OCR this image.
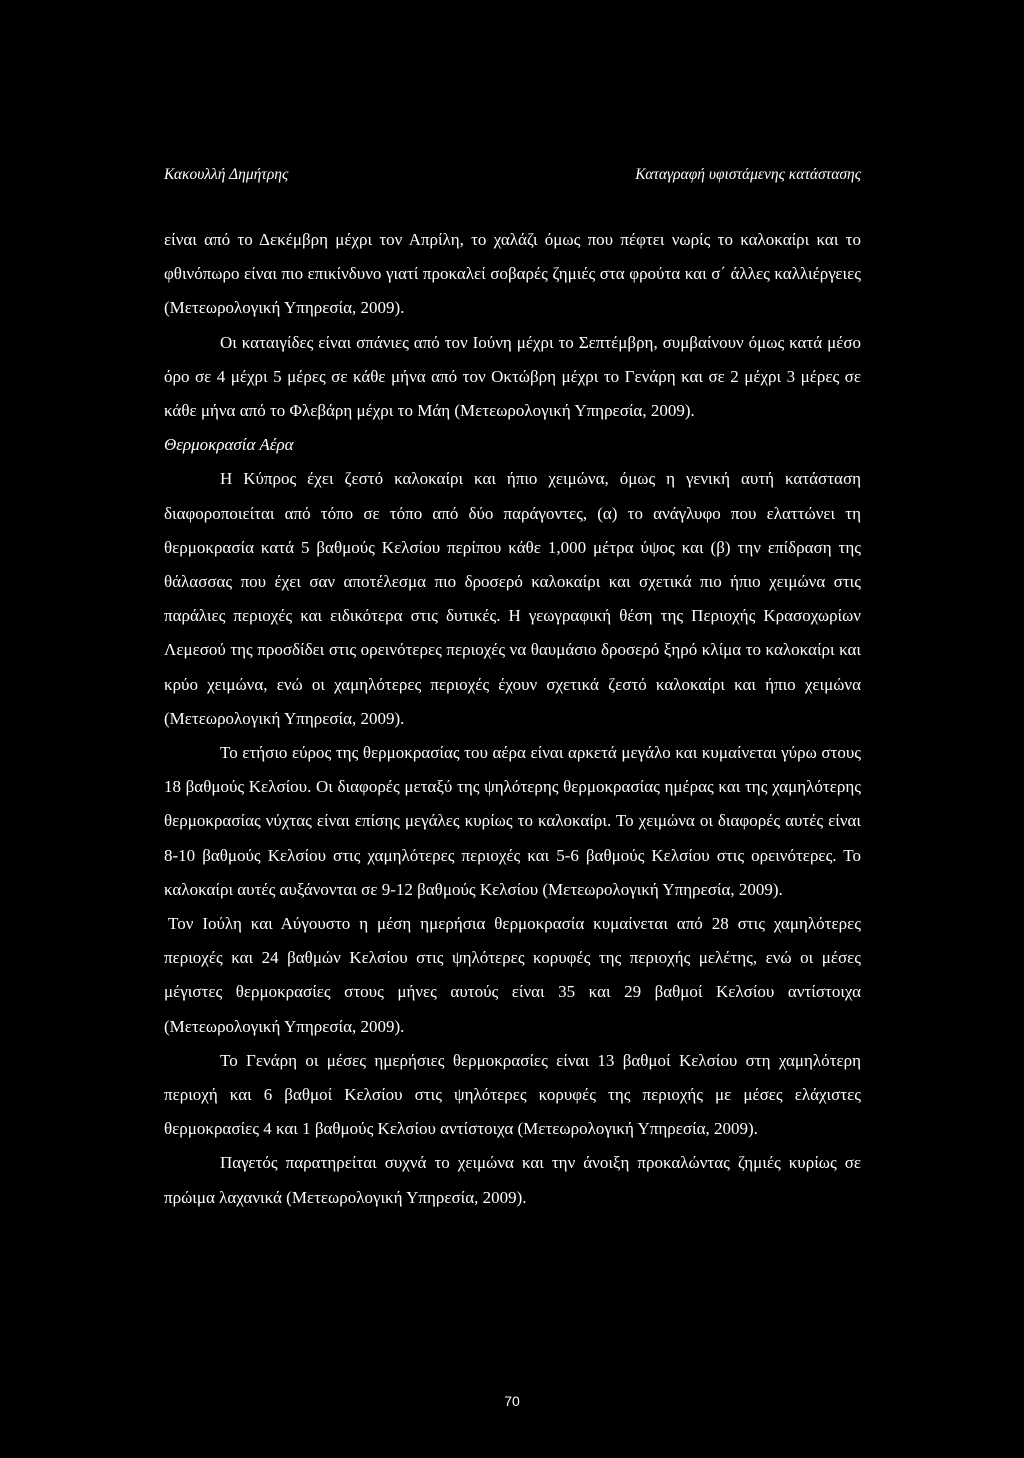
Κακουλλή Δημήτρης	Καταγραφή υφιστάμενης κατάστασης

είναι από το Δεκέμβρη μέχρι τον Απρίλη, το χαλάζι όμως που πέφτει νωρίς το καλοκαίρι και το φθινόπωρο είναι πιο επικίνδυνο γιατί προκαλεί σοβαρές ζημιές στα φρούτα και σ΄ άλλες καλλιέργειες (Μετεωρολογική Υπηρεσία, 2009).

Οι καταιγίδες είναι σπάνιες από τον Ιούνη μέχρι το Σεπτέμβρη, συμβαίνουν όμως κατά μέσο όρο σε 4 μέχρι 5 μέρες σε κάθε μήνα από τον Οκτώβρη μέχρι το Γενάρη και σε 2 μέχρι 3 μέρες σε κάθε μήνα από το Φλεβάρη μέχρι το Μάη (Μετεωρολογική Υπηρεσία, 2009).

Θερμοκρασία Αέρα

Η Κύπρος έχει ζεστό καλοκαίρι και ήπιο χειμώνα, όμως η γενική αυτή κατάσταση διαφοροποιείται από τόπο σε τόπο από δύο παράγοντες, (α) το ανάγλυφο που ελαττώνει τη θερμοκρασία κατά 5 βαθμούς Κελσίου περίπου κάθε 1,000 μέτρα ύψος και (β) την επίδραση της θάλασσας που έχει σαν αποτέλεσμα πιο δροσερό καλοκαίρι και σχετικά πιο ήπιο χειμώνα στις παράλιες περιοχές και ειδικότερα στις δυτικές. Η γεωγραφική θέση της Περιοχής Κρασοχωρίων Λεμεσού της προσδίδει στις ορεινότερες περιοχές να θαυμάσιο δροσερό ξηρό κλίμα το καλοκαίρι και κρύο χειμώνα, ενώ οι χαμηλότερες περιοχές έχουν σχετικά ζεστό καλοκαίρι και ήπιο χειμώνα (Μετεωρολογική Υπηρεσία, 2009).

Το ετήσιο εύρος της θερμοκρασίας του αέρα είναι αρκετά μεγάλο και κυμαίνεται γύρω στους 18 βαθμούς Κελσίου. Οι διαφορές μεταξύ της ψηλότερης θερμοκρασίας ημέρας και της χαμηλότερης θερμοκρασίας νύχτας είναι επίσης μεγάλες κυρίως το καλοκαίρι. Το χειμώνα οι διαφορές αυτές είναι 8-10 βαθμούς Κελσίου στις χαμηλότερες περιοχές και 5-6 βαθμούς Κελσίου στις ορεινότερες. Το καλοκαίρι αυτές αυξάνονται σε 9-12 βαθμούς Κελσίου (Μετεωρολογική Υπηρεσία, 2009).

Τον Ιούλη και Αύγουστο η μέση ημερήσια θερμοκρασία κυμαίνεται από 28 στις χαμηλότερες περιοχές και 24 βαθμών Κελσίου στις ψηλότερες κορυφές της περιοχής μελέτης, ενώ οι μέσες μέγιστες θερμοκρασίες στους μήνες αυτούς είναι 35 και 29 βαθμοί Κελσίου αντίστοιχα (Μετεωρολογική Υπηρεσία, 2009).

Το Γενάρη οι μέσες ημερήσιες θερμοκρασίες είναι 13 βαθμοί Κελσίου στη χαμηλότερη περιοχή και 6 βαθμοί Κελσίου στις ψηλότερες κορυφές της περιοχής με μέσες ελάχιστες θερμοκρασίες 4 και 1 βαθμούς Κελσίου αντίστοιχα (Μετεωρολογική Υπηρεσία, 2009).

Παγετός παρατηρείται συχνά το χειμώνα και την άνοιξη προκαλώντας ζημιές κυρίως σε πρώιμα λαχανικά (Μετεωρολογική Υπηρεσία, 2009).

70
